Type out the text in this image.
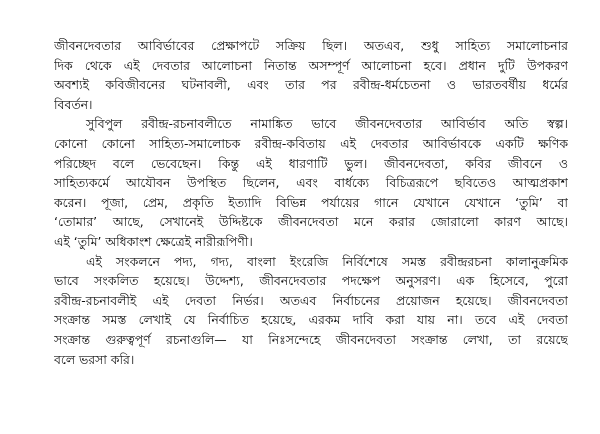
জীবনদেবতার আবির্ভাবের প্রেক্ষাপটে সক্রিয় ছিল। অতএব, শুধু সাহিত্য সমালোচনার
দিক থেকে এই দেবতার আলোচনা নিতান্ত অসম্পূর্ণ আলোচনা হবে। প্রধান দুটি উপকরণ
অবশ্যই কবিজীবনের ঘটনাবলী, এবং তার পর রবীন্দ্র-ধর্মচেতনা ও ভারতবর্ষীয় ধর্মের
বিবর্তন।
সুবিপুল রবীন্দ্র-রচনাবলীতে নামাঙ্কিত ভাবে জীবনদেবতার আবির্ভাব অতি স্বল্প।
কোনো কোনো সাহিত্য-সমালোচক রবীন্দ্র-কবিতায় এই দেবতার আবির্ভাবকে একটি ক্ষণিক
পরিচ্ছেদ বলে ভেবেছেন। কিন্তু এই ধারণাটি ভুল। জীবনদেবতা, কবির জীবনে ও
সাহিত্যকর্মে আযৌবন উপস্থিত ছিলেন, এবং বার্ধক্যে বিচিত্ররূপে ছবিতেও আত্মপ্রকাশ
করেন। পূজা, প্রেম, প্রকৃতি ইত্যাদি বিভিন্ন পর্যায়ের গানে যেখানে যেখানে ‘তুমি’ বা
‘তোমার’ আছে, সেখানেই উদ্দিষ্টকে জীবনদেবতা মনে করার জোরালো কারণ আছে।
এই ‘তুমি’ অধিকাংশ ক্ষেত্রেই নারীরূপিণী।
এই সংকলনে পদ্য, গদ্য, বাংলা ইংরেজি নির্বিশেষে সমস্ত রবীন্দ্ররচনা কালানুক্রমিক
ভাবে সংকলিত হয়েছে। উদ্দেশ্য, জীবনদেবতার পদক্ষেপ অনুসরণ। এক হিসেবে, পুরো
রবীন্দ্র-রচনাবলীই এই দেবতা নির্ভর। অতএব নির্বাচনের প্রয়োজন হয়েছে। জীবনদেবতা
সংক্রান্ত সমস্ত লেখাই যে নির্বাচিত হয়েছে, এরকম দাবি করা যায় না। তবে এই দেবতা
সংক্রান্ত গুরুত্বপূর্ণ রচনাগুলি— যা নিঃসন্দেহে জীবনদেবতা সংক্রান্ত লেখা, তা রয়েছে
বলে ভরসা করি।
